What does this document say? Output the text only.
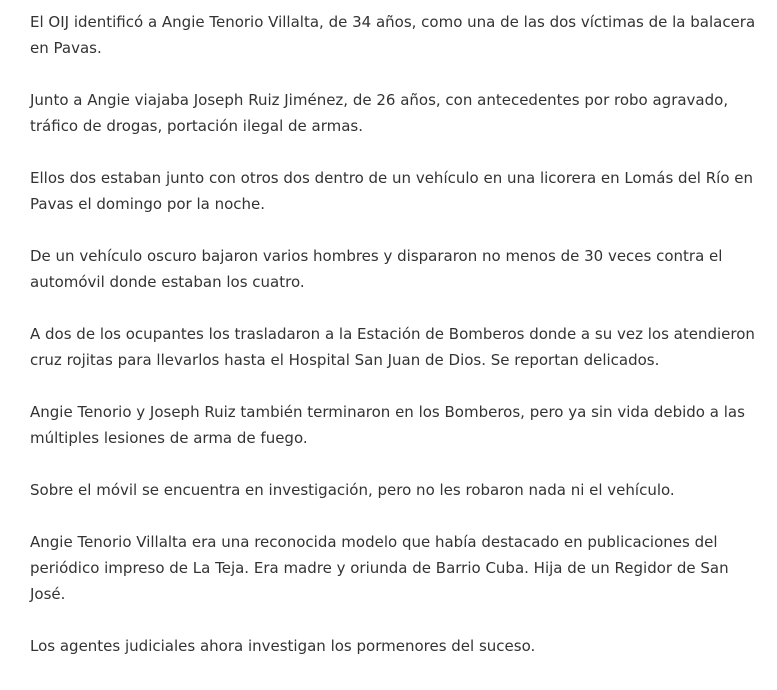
El OIJ identificó a Angie Tenorio Villalta, de 34 años, como una de las dos víctimas de la balacera en Pavas.

Junto a Angie viajaba Joseph Ruiz Jiménez, de 26 años, con antecedentes por robo agravado, tráfico de drogas, portación ilegal de armas.

Ellos dos estaban junto con otros dos dentro de un vehículo en una licorera en Lomás del Río en Pavas el domingo por la noche.

De un vehículo oscuro bajaron varios hombres y dispararon no menos de 30 veces contra el automóvil donde estaban los cuatro.

A dos de los ocupantes los trasladaron a la Estación de Bomberos donde a su vez los atendieron cruz rojitas para llevarlos hasta el Hospital San Juan de Dios. Se reportan delicados.

Angie Tenorio y Joseph Ruiz también terminaron en los Bomberos, pero ya sin vida debido a las múltiples lesiones de arma de fuego.

Sobre el móvil se encuentra en investigación, pero no les robaron nada ni el vehículo.

Angie Tenorio Villalta era una reconocida modelo que había destacado en publicaciones del periódico impreso de La Teja. Era madre y oriunda de Barrio Cuba. Hija de un Regidor de San José.

Los agentes judiciales ahora investigan los pormenores del suceso.
